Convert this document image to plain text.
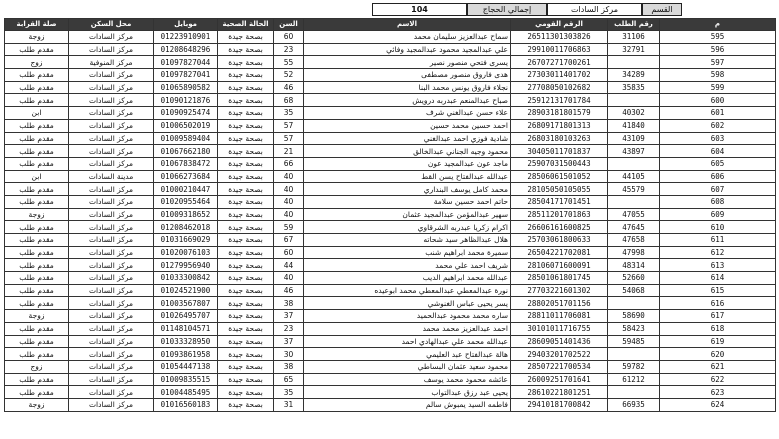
104	إجمالي الحجاج	مركز السادات	القسم
صلة القرابة	محل السكن	موبايل	الحالة الصحية	السن	الاسم	الرقم القومي	رقم الطلب	م
زوجة	مركز السادات	01223910901	بصحة جيدة	60	سماح عبدالعزيز سليمان محمد	26511301303826	31106	595
مقدم طلب	مركز السادات	01208648296	بصحة جيدة	23	علي عبدالمجيد محمود عبدالمجيد وفائي	29910011706863	32791	596
زوج	مركز المنوفية	01097827044	بصحة جيدة	55	يسرى فتحي منصور نصير	26707271700261		597
مقدم طلب	مركز السادات	01097827041	بصحة جيدة	52	هدى فاروق منصور مصطفى	27303011401702	34289	598
مقدم طلب	مركز السادات	01065890582	بصحة جيدة	46	نجلاء فاروق يونس محمد البنا	27708050102682	35835	599
مقدم طلب	مركز السادات	01090121876	بصحة جيدة	68	صباح عبدالمنعم عبدربه درويش	25912131701784		600
ابن	مركز السادات	01090925474	بصحة جيدة	35	علاء حسن عبدالغني شرف	28903181801579	40302	601
مقدم طلب	مركز السادات	01006502019	بصحة جيدة	57	احمد حسين محمد حسين	26809171801313	41840	602
مقدم طلب	مركز السادات	01009589404	بصحة جيدة	57	شادية فوزي احمد عبدالغني	26803180103263	43109	603
مقدم طلب	مركز السادات	01067662180	بصحة جيدة	21	محمود وجيه الجناني عبدالخالق	30405011701837	43897	604
مقدم طلب	مركز السادات	01067838472	بصحة جيدة	66	ماجد عون عبدالمجيد عون	25907031500443		605
ابن	مدينة السادات	01066273684	بصحة جيدة	40	عبدالله عبدالفتاح يسن القط	28506061501052	44105	606
مقدم طلب	مركز السادات	01000210447	بصحة جيدة	40	محمد كامل يوسف البنداري	28105050105055	45579	607
مقدم طلب	مركز السادات	01020955464	بصحة جيدة	40	حاتم احمد حسين سلامة	28504171701451		608
زوجة	مركز السادات	01009318652	بصحة جيدة	40	سهير عبدالمؤمن عبدالمجيد عثمان	28511201701863	47055	609
مقدم طلب	مركز السادات	01208462018	بصحة جيدة	59	اكرام زكريا عبدربه الشرقاوي	26606161600825	47645	610
مقدم طلب	مركز السادات	01031669029	بصحة جيدة	67	هلال عبدالظاهر سيد شحاته	25703061800633	47658	611
مقدم طلب	مركز السادات	01020076103	بصحة جيدة	60	سميرة محمد ابراهيم شنب	26504221702081	47998	612
مقدم طلب	مركز السادات	01279956940	بصحة جيدة	44	شريف احمد علي محمد	28106071600091	48314	613
مقدم طلب	مركز السادات	01033300842	بصحة جيدة	40	عبدالله محمد ابراهيم الديب	28501061801745	52660	614
مقدم طلب	مركز السادات	01024521900	بصحة جيدة	46	نورة عبدالمعطي عبدالمعطي محمد ابوعيده	27703221601302	54068	615
مقدم طلب	مركز السادات	01003567807	بصحة جيدة	38	يسر يحيى عباس الغنوشي	28802051701156		616
زوجة	مركز السادات	01026495707	بصحة جيدة	37	ساره محمد محمود عبدالحميد	28811011706081	58690	617
مقدم طلب	مركز السادات	01148104571	بصحة جيدة	23	احمد عبدالعزيز محمد محمد	30101011716755	58423	618
مقدم طلب	مركز السادات	01033328950	بصحة جيدة	37	عبدالله محمد علي عبدالهادي احمد	28609051401436	59485	619
مقدم طلب	مركز السادات	01093861958	بصحة جيدة	30	هالة عبدالفتاح عبد العليمي	29403201702522		620
زوج	مركز السادات	01054447138	بصحة جيدة	38	محمود سعيد عثمان البساطي	28507221700534	59782	621
مقدم طلب	مركز السادات	01009835515	بصحة جيدة	65	عائشه محمود محمد يوسف	26009251701641	61212	622
مقدم طلب	مركز السادات	01004485495	بصحة جيدة	35	يحيى عبد رزق عبدالتواب	28610221801251		623
زوجة	مركز السادات	01016560183	بصحة جيدة	31	فاطمه السيد يمبوش سالم	29410181700842	66935	624
